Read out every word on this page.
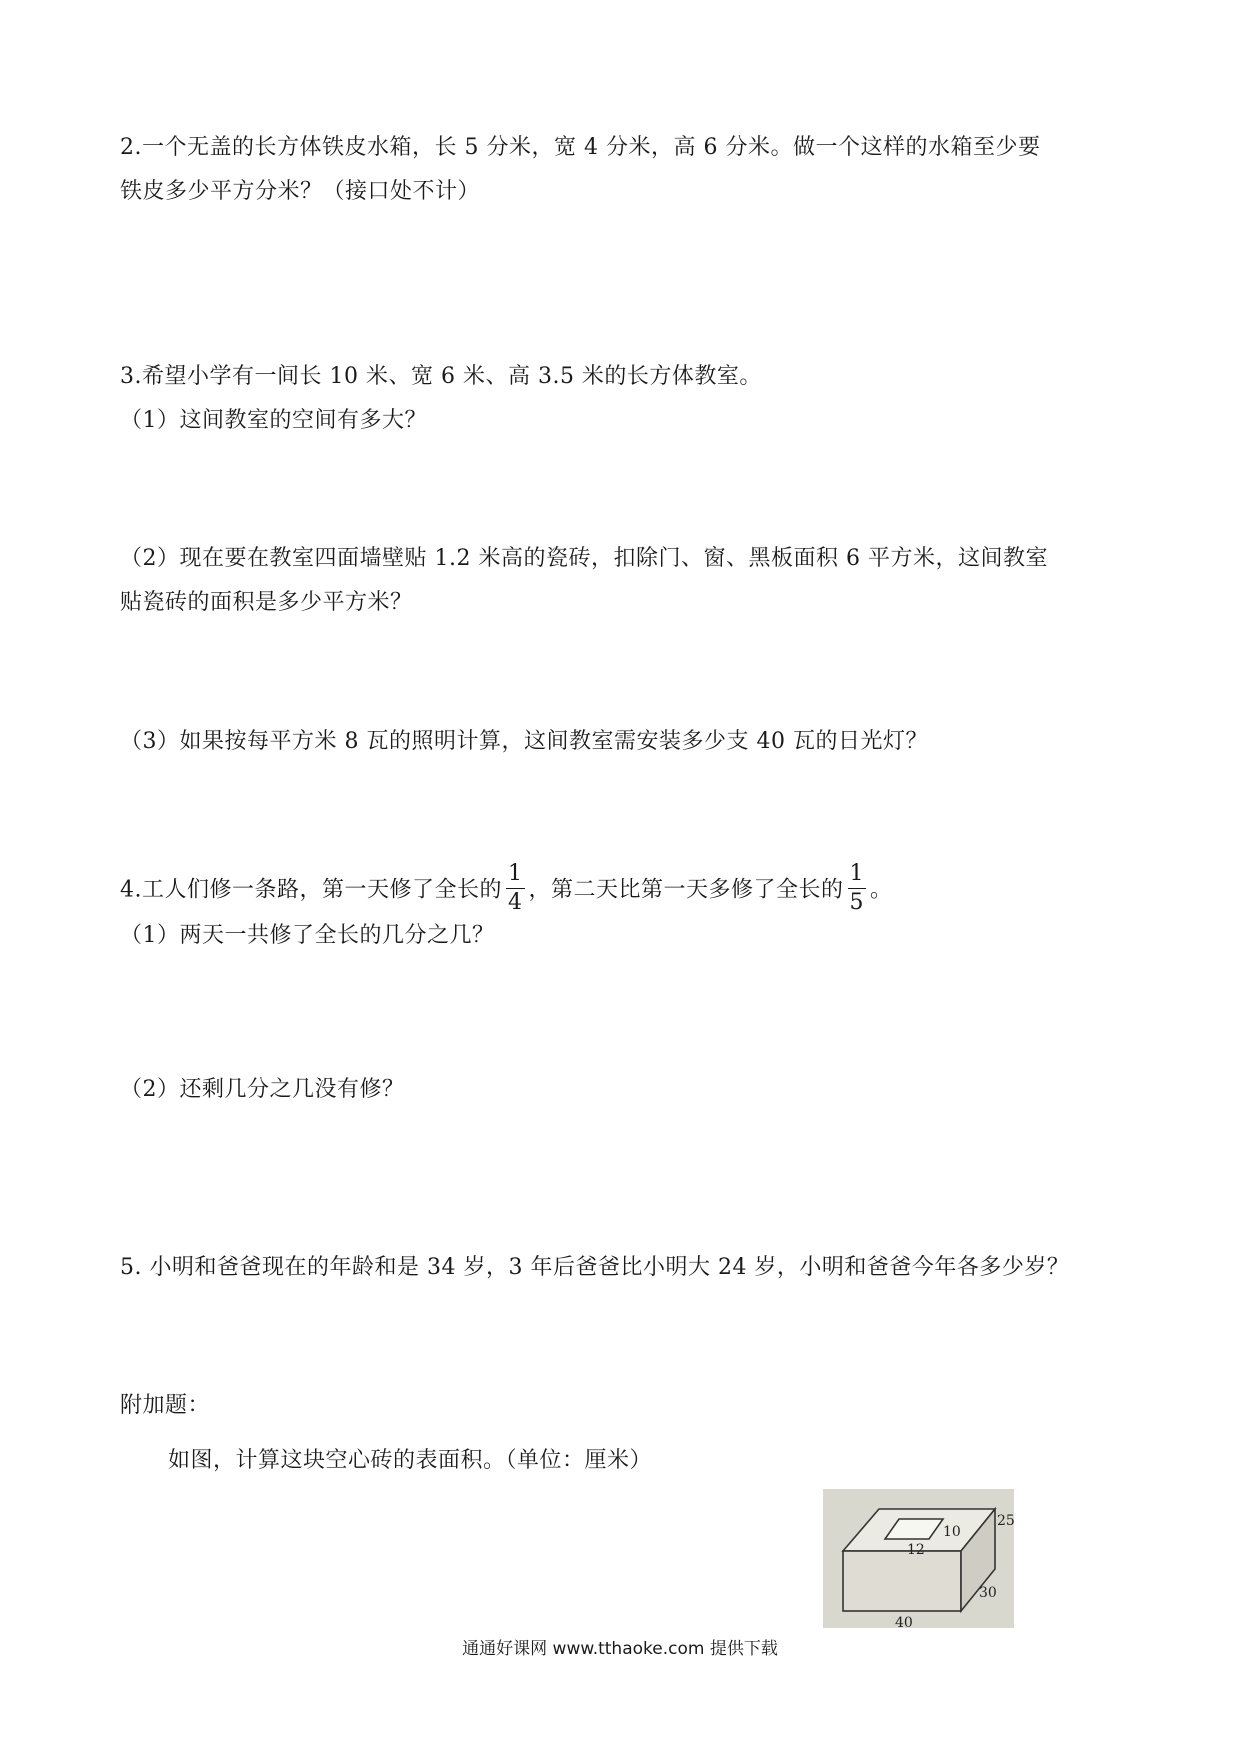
2.一个无盖的长方体铁皮水箱，长 5 分米，宽 4 分米，高 6 分米。做一个这样的水箱至少要
铁皮多少平方分米？（接口处不计）
3.希望小学有一间长 10 米、宽 6 米、高 3.5 米的长方体教室。
（1）这间教室的空间有多大？
（2）现在要在教室四面墙壁贴 1.2 米高的瓷砖，扣除门、窗、黑板面积 6 平方米，这间教室
贴瓷砖的面积是多少平方米？
（3）如果按每平方米 8 瓦的照明计算，这间教室需安装多少支 40 瓦的日光灯？
4.工人们修一条路，第一天修了全长的 $\frac{1}{4}$ ，第二天比第一天多修了全长的 $\frac{1}{5}$ 。
（1）两天一共修了全长的几分之几？
（2）还剩几分之几没有修？
5. 小明和爸爸现在的年龄和是 34 岁，3 年后爸爸比小明大 24 岁，小明和爸爸今年各多少岁？
附加题：
如图，计算这块空心砖的表面积。（单位：厘米）
10
12
25
30
40
通通好课网 www.tthaoke.com 提供下载
